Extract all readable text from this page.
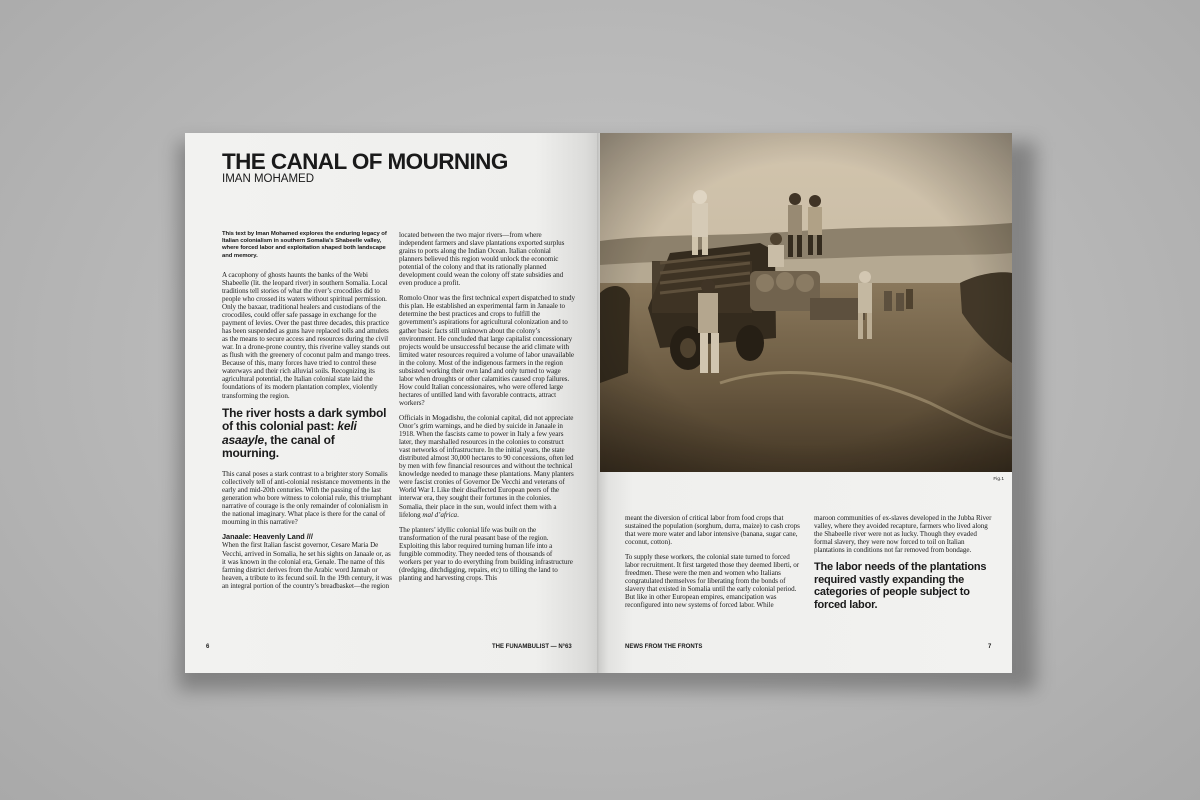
THE CANAL OF MOURNING
IMAN MOHAMED

This text by Iman Mohamed explores the enduring legacy of Italian colonialism in southern Somalia’s Shabeelle valley, where forced labor and exploitation shaped both landscape and memory.

A cacophony of ghosts haunts the banks of the Webi Shabeelle (lit. the leopard river) in southern Somalia. Local traditions tell stories of what the river’s crocodiles did to people who crossed its waters without spiritual permission. Only the baxaar, traditional healers and custodians of the crocodiles, could offer safe passage in exchange for the payment of levies. Over the past three decades, this practice has been suspended as guns have replaced tolls and amulets as the means to secure access and resources during the civil war. In a drone-prone country, this riverine valley stands out as flush with the greenery of coconut palm and mango trees. Because of this, many forces have tried to control these waterways and their rich alluvial soils. Recognizing its agricultural potential, the Italian colonial state laid the foundations of its modern plantation complex, violently transforming the region.

The river hosts a dark symbol of this colonial past: keli asaayle, the canal of mourning.

This canal poses a stark contrast to a brighter story Somalis collectively tell of anti-colonial resistance movements in the early and mid-20th centuries. With the passing of the last generation who bore witness to colonial rule, this triumphant narrative of courage is the only remainder of colonialism in the national imaginary. What place is there for the canal of mourning in this narrative?

Janaale: Heavenly Land ///

When the first Italian fascist governor, Cesare Maria De Vecchi, arrived in Somalia, he set his sights on Janaale or, as it was known in the colonial era, Genale. The name of this farming district derives from the Arabic word Jannah or heaven, a tribute to its fecund soil. In the 19th century, it was an integral portion of the country’s breadbasket—the region

located between the two major rivers—from where independent farmers and slave plantations exported surplus grains to ports along the Indian Ocean. Italian colonial planners believed this region would unlock the economic potential of the colony and that its rationally planned development could wean the colony off state subsidies and even produce a profit.

Romolo Onor was the first technical expert dispatched to study this plan. He established an experimental farm in Janaale to determine the best practices and crops to fulfill the government’s aspirations for agricultural colonization and to gather basic facts still unknown about the colony’s environment. He concluded that large capitalist concessionary projects would be unsuccessful because the arid climate with limited water resources required a volume of labor unavailable in the colony. Most of the indigenous farmers in the region subsisted working their own land and only turned to wage labor when droughts or other calamities caused crop failures. How could Italian concessionaires, who were offered large hectares of untilled land with favorable contracts, attract workers?

Officials in Mogadishu, the colonial capital, did not appreciate Onor’s grim warnings, and he died by suicide in Janaale in 1918. When the fascists came to power in Italy a few years later, they marshalled resources in the colonies to construct vast networks of infrastructure. In the initial years, the state distributed almost 30,000 hectares to 90 concessions, often led by men with few financial resources and without the technical knowledge needed to manage these plantations. Many planters were fascist cronies of Governor De Vecchi and veterans of World War I. Like their disaffected European peers of the interwar era, they sought their fortunes in the colonies. Somalia, their place in the sun, would infect them with a lifelong mal d’africa.

The planters’ idyllic colonial life was built on the transformation of the rural peasant base of the region. Exploiting this labor required turning human life into a fungible commodity. They needed tens of thousands of workers per year to do everything from building infrastructure (dredging, ditchdigging, repairs, etc) to tilling the land to planting and harvesting crops. This

6	THE FUNAMBULIST — N°63
Fig.1

meant the diversion of critical labor from food crops that sustained the population (sorghum, durra, maize) to cash crops that were more water and labor intensive (banana, sugar cane, coconut, cotton).

To supply these workers, the colonial state turned to forced labor recruitment. It first targeted those they deemed liberti, or freedmen. These were the men and women who Italians congratulated themselves for liberating from the bonds of slavery that existed in Somalia until the early colonial period. But like in other European empires, emancipation was reconfigured into new systems of forced labor. While

maroon communities of ex-slaves developed in the Jubba River valley, where they avoided recapture, farmers who lived along the Shabeelle river were not as lucky. Though they evaded formal slavery, they were now forced to toil on Italian plantations in conditions not far removed from bondage.

The labor needs of the plantations required vastly expanding the categories of people subject to forced labor.
NEWS FROM THE FRONTS	7
